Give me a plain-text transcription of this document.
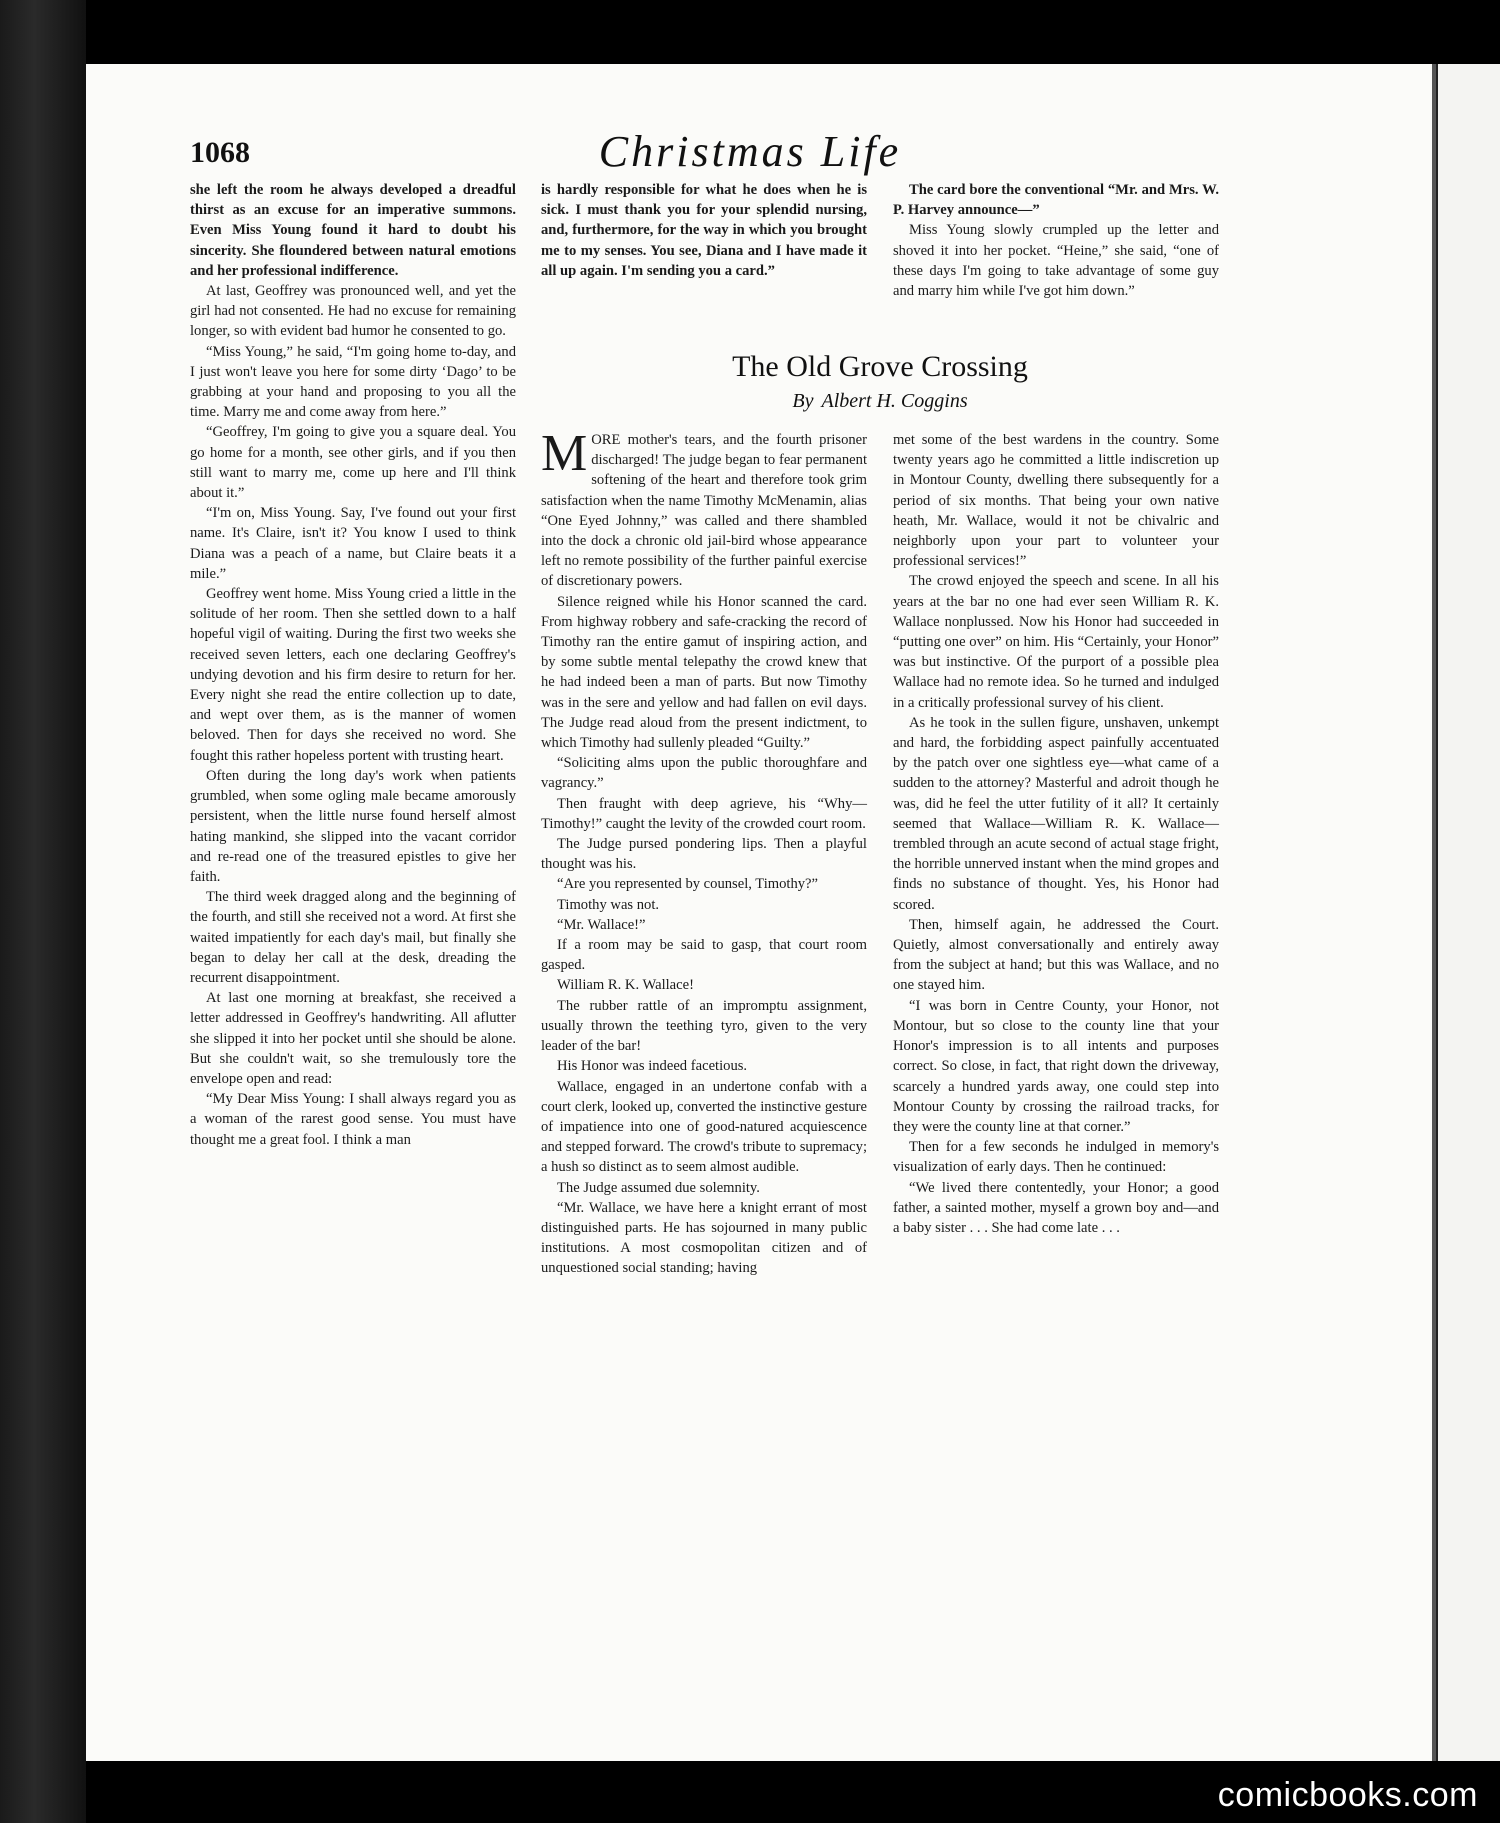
1068	Christmas Life

she left the room he always developed a dreadful thirst as an excuse for an imperative summons. Even Miss Young found it hard to doubt his sincerity. She floundered between natural emotions and her professional indifference.

At last, Geoffrey was pronounced well, and yet the girl had not consented. He had no excuse for remaining longer, so with evident bad humor he consented to go.

“Miss Young,” he said, “I'm going home to-day, and I just won't leave you here for some dirty ‘Dago’ to be grabbing at your hand and proposing to you all the time. Marry me and come away from here.”

“Geoffrey, I'm going to give you a square deal. You go home for a month, see other girls, and if you then still want to marry me, come up here and I'll think about it.”

“I'm on, Miss Young. Say, I've found out your first name. It's Claire, isn't it? You know I used to think Diana was a peach of a name, but Claire beats it a mile.”

Geoffrey went home. Miss Young cried a little in the solitude of her room. Then she settled down to a half hopeful vigil of waiting. During the first two weeks she received seven letters, each one declaring Geoffrey's undying devotion and his firm desire to return for her. Every night she read the entire collection up to date, and wept over them, as is the manner of women beloved. Then for days she received no word. She fought this rather hopeless portent with trusting heart.

Often during the long day's work when patients grumbled, when some ogling male became amorously persistent, when the little nurse found herself almost hating mankind, she slipped into the vacant corridor and re-read one of the treasured epistles to give her faith.

The third week dragged along and the beginning of the fourth, and still she received not a word. At first she waited impatiently for each day's mail, but finally she began to delay her call at the desk, dreading the recurrent disappointment.

At last one morning at breakfast, she received a letter addressed in Geoffrey's handwriting. All aflutter she slipped it into her pocket until she should be alone. But she couldn't wait, so she tremulously tore the envelope open and read:

“My Dear Miss Young: I shall always regard you as a woman of the rarest good sense. You must have thought me a great fool. I think a man

is hardly responsible for what he does when he is sick. I must thank you for your splendid nursing, and, furthermore, for the way in which you brought me to my senses. You see, Diana and I have made it all up again. I'm sending you a card.”

The card bore the conventional “Mr. and Mrs. W. P. Harvey announce—”

Miss Young slowly crumpled up the letter and shoved it into her pocket. “Heine,” she said, “one of these days I'm going to take advantage of some guy and marry him while I've got him down.”

The Old Grove Crossing
By Albert H. Coggins

MORE mother's tears, and the fourth prisoner discharged! The judge began to fear permanent softening of the heart and therefore took grim satisfaction when the name Timothy McMenamin, alias “One Eyed Johnny,” was called and there shambled into the dock a chronic old jail-bird whose appearance left no remote possibility of the further painful exercise of discretionary powers.

Silence reigned while his Honor scanned the card. From highway robbery and safe-cracking the record of Timothy ran the entire gamut of inspiring action, and by some subtle mental telepathy the crowd knew that he had indeed been a man of parts. But now Timothy was in the sere and yellow and had fallen on evil days. The Judge read aloud from the present indictment, to which Timothy had sullenly pleaded “Guilty.”

“Soliciting alms upon the public thoroughfare and vagrancy.”

Then fraught with deep agrieve, his “Why—Timothy!” caught the levity of the crowded court room.

The Judge pursed pondering lips. Then a playful thought was his.

“Are you represented by counsel, Timothy?”

Timothy was not.

“Mr. Wallace!”

If a room may be said to gasp, that court room gasped.

William R. K. Wallace!

The rubber rattle of an impromptu assignment, usually thrown the teething tyro, given to the very leader of the bar!

His Honor was indeed facetious.

Wallace, engaged in an undertone confab with a court clerk, looked up, converted the instinctive gesture of impatience into one of good-natured acquiescence and stepped forward. The crowd's tribute to supremacy; a hush so distinct as to seem almost audible.

The Judge assumed due solemnity.

“Mr. Wallace, we have here a knight errant of most distinguished parts. He has sojourned in many public institutions. A most cosmopolitan citizen and of unquestioned social standing; having

met some of the best wardens in the country. Some twenty years ago he committed a little indiscretion up in Montour County, dwelling there subsequently for a period of six months. That being your own native heath, Mr. Wallace, would it not be chivalric and neighborly upon your part to volunteer your professional services!”

The crowd enjoyed the speech and scene. In all his years at the bar no one had ever seen William R. K. Wallace nonplussed. Now his Honor had succeeded in “putting one over” on him. His “Certainly, your Honor” was but instinctive. Of the purport of a possible plea Wallace had no remote idea. So he turned and indulged in a critically professional survey of his client.

As he took in the sullen figure, unshaven, unkempt and hard, the forbidding aspect painfully accentuated by the patch over one sightless eye—what came of a sudden to the attorney? Masterful and adroit though he was, did he feel the utter futility of it all? It certainly seemed that Wallace—William R. K. Wallace—trembled through an acute second of actual stage fright, the horrible unnerved instant when the mind gropes and finds no substance of thought. Yes, his Honor had scored.

Then, himself again, he addressed the Court. Quietly, almost conversationally and entirely away from the subject at hand; but this was Wallace, and no one stayed him.

“I was born in Centre County, your Honor, not Montour, but so close to the county line that your Honor's impression is to all intents and purposes correct. So close, in fact, that right down the driveway, scarcely a hundred yards away, one could step into Montour County by crossing the railroad tracks, for they were the county line at that corner.”

Then for a few seconds he indulged in memory's visualization of early days. Then he continued:

“We lived there contentedly, your Honor; a good father, a sainted mother, myself a grown boy and—and a baby sister . . . She had come late . . .

comicbooks.com
